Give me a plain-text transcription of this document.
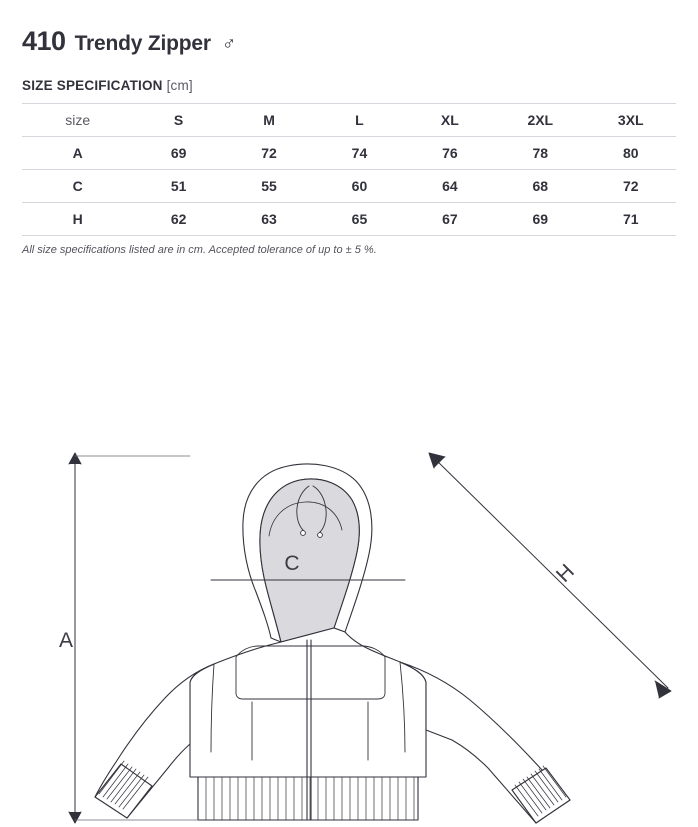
410 Trendy Zipper ♂
SIZE SPECIFICATION [cm]
size	S	M	L	XL	2XL	3XL
A	69	72	74	76	78	80
C	51	55	60	64	68	72
H	62	63	65	67	69	71
All size specifications listed are in cm. Accepted tolerance of up to ± 5 %.
A
C	H
